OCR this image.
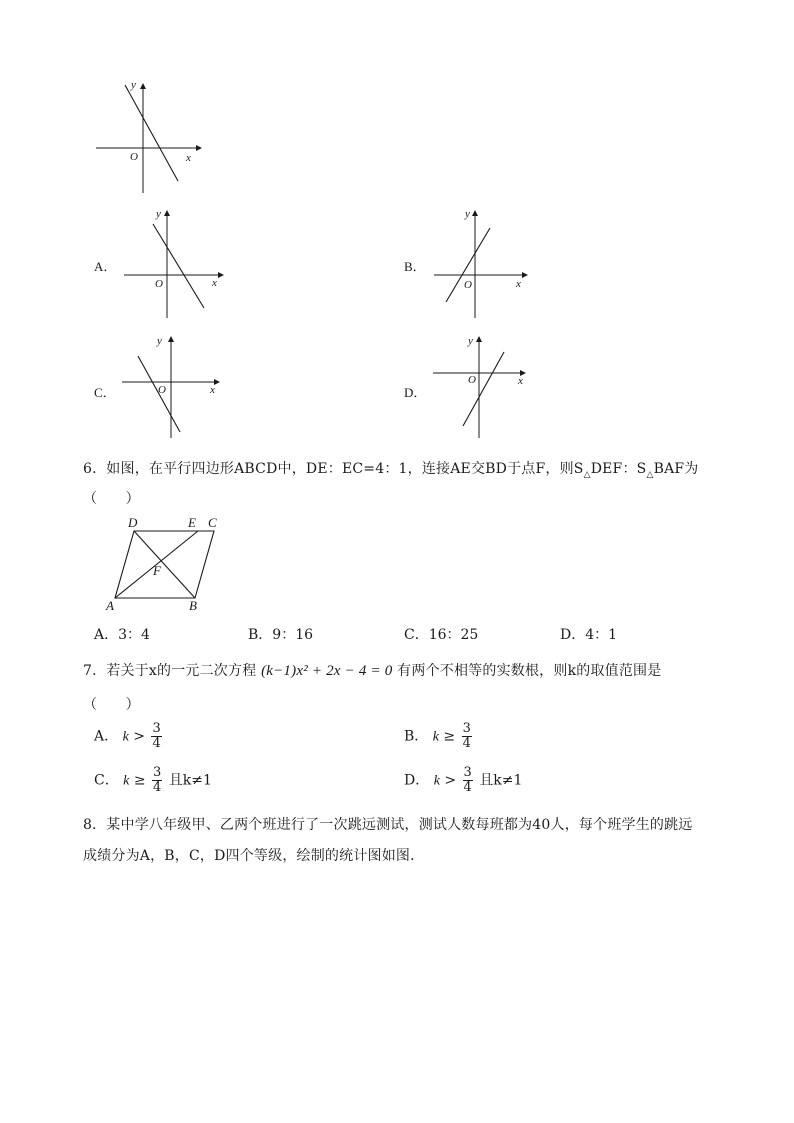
y
x
O
A．
y
x
O
B．
y
x
O
C．
y
x
O	D．
y
x
O
6．如图，在平行四边形ABCD中，DE：EC=4：1，连接AE交BD于点F，则$S_\triangle DEF$：$S_\triangle BAF$为
（　　）
D	E C
A	B
F
A．3：4	B．9：16	C．16：25	D．4：1
7．若关于x的一元二次方程 (k−1)x² + 2x − 4 = 0 有两个不相等的实数根，则k的取值范围是
（　　）
A． $k > \frac{3}{4}$	B． $k \ge \frac{3}{4}$
C． $k \ge \frac{3}{4}$ 且k≠1	D． $k > \frac{3}{4}$ 且k≠1
8．某中学八年级甲、乙两个班进行了一次跳远测试，测试人数每班都为40人，每个班学生的跳远
成绩分为A，B，C，D四个等级，绘制的统计图如图．
